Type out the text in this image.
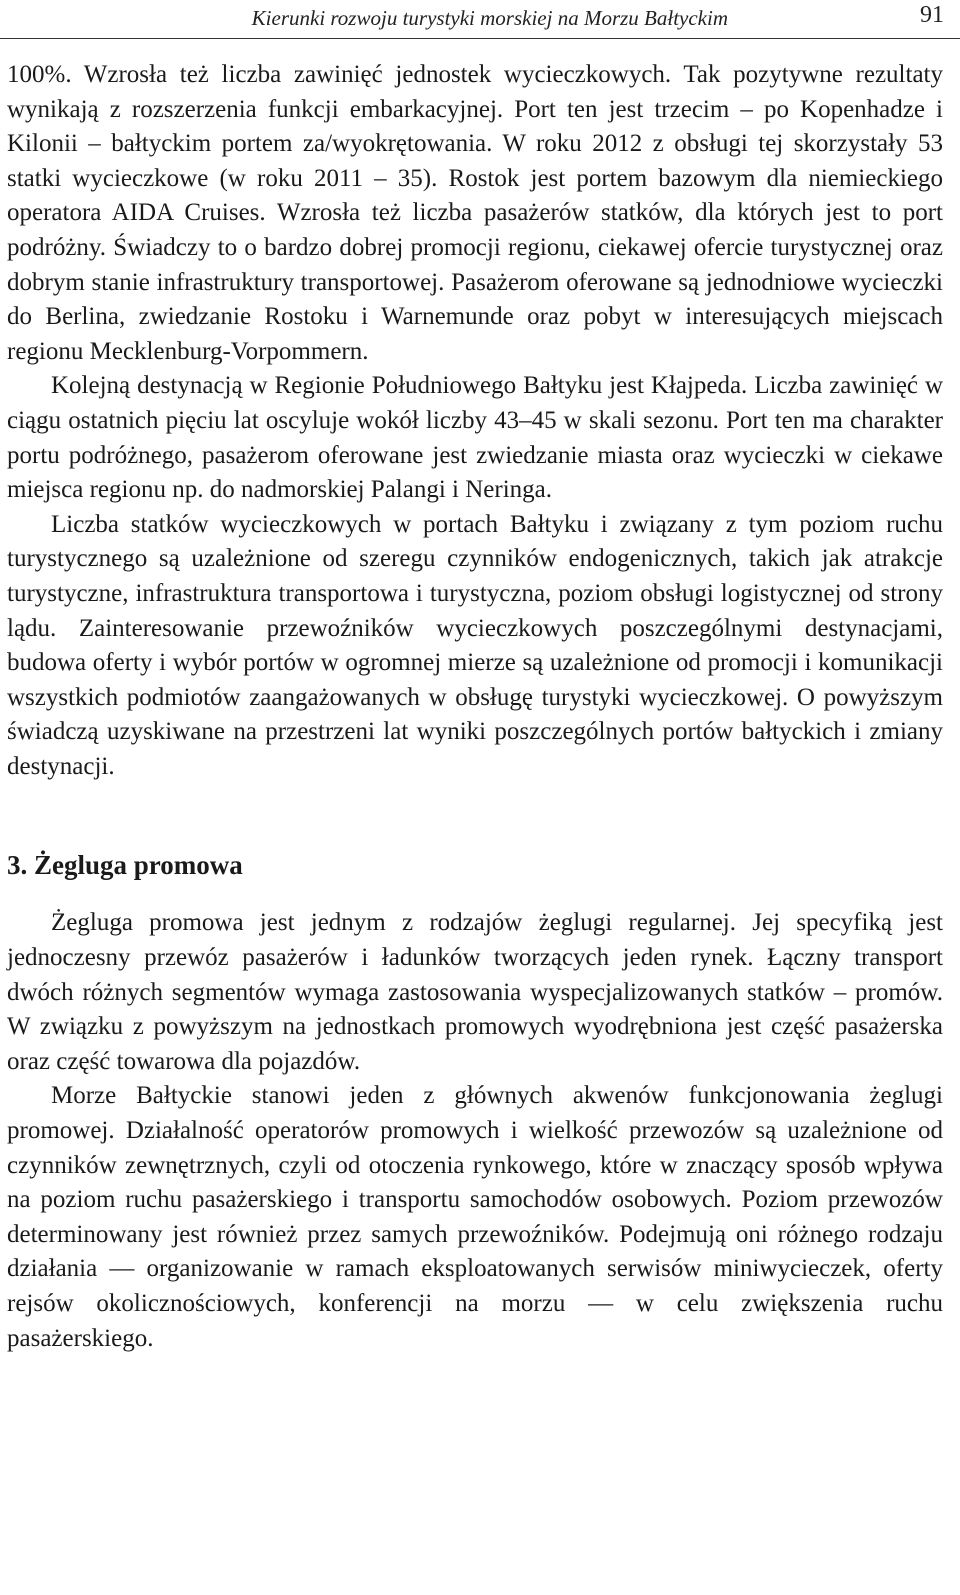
Kierunki rozwoju turystyki morskiej na Morzu Bałtyckim	91

100%. Wzrosła też liczba zawinięć jednostek wycieczkowych. Tak pozytywne rezultaty wynikają z rozszerzenia funkcji embarkacyjnej. Port ten jest trzecim – po Kopenhadze i Kilonii – bałtyckim portem za/wyokrętowania. W roku 2012 z obsługi tej skorzystały 53 statki wycieczkowe (w roku 2011 – 35). Rostok jest portem bazowym dla niemieckiego operatora AIDA Cruises. Wzrosła też liczba pasażerów statków, dla których jest to port podróżny. Świadczy to o bardzo dobrej promocji regionu, ciekawej ofercie turystycznej oraz dobrym stanie infrastruktury transportowej. Pasażerom oferowane są jednodniowe wycieczki do Berlina, zwiedzanie Rostoku i Warnemunde oraz pobyt w interesujących miejscach regionu Mecklenburg-Vorpommern.

Kolejną destynacją w Regionie Południowego Bałtyku jest Kłajpeda. Liczba zawinięć w ciągu ostatnich pięciu lat oscyluje wokół liczby 43–45 w skali sezonu. Port ten ma charakter portu podróżnego, pasażerom oferowane jest zwiedzanie miasta oraz wycieczki w ciekawe miejsca regionu np. do nadmorskiej Palangi i Neringa.

Liczba statków wycieczkowych w portach Bałtyku i związany z tym poziom ruchu turystycznego są uzależnione od szeregu czynników endogenicznych, takich jak atrakcje turystyczne, infrastruktura transportowa i turystyczna, poziom obsługi logistycznej od strony lądu. Zainteresowanie przewoźników wycieczkowych poszczególnymi destynacjami, budowa oferty i wybór portów w ogromnej mierze są uzależnione od promocji i komunikacji wszystkich podmiotów zaangażowanych w obsługę turystyki wycieczkowej. O powyższym świadczą uzyskiwane na przestrzeni lat wyniki poszczególnych portów bałtyckich i zmiany destynacji.

3. Żegluga promowa

Żegluga promowa jest jednym z rodzajów żeglugi regularnej. Jej specyfiką jest jednoczesny przewóz pasażerów i ładunków tworzących jeden rynek. Łączny transport dwóch różnych segmentów wymaga zastosowania wyspecjalizowanych statków – promów. W związku z powyższym na jednostkach promowych wyodrębniona jest część pasażerska oraz część towarowa dla pojazdów.

Morze Bałtyckie stanowi jeden z głównych akwenów funkcjonowania żeglugi promowej. Działalność operatorów promowych i wielkość przewozów są uzależnione od czynników zewnętrznych, czyli od otoczenia rynkowego, które w znaczący sposób wpływa na poziom ruchu pasażerskiego i transportu samochodów osobowych. Poziom przewozów determinowany jest również przez samych przewoźników. Podejmują oni różnego rodzaju działania — organizowanie w ramach eksploatowanych serwisów miniwycieczek, oferty rejsów okolicznościowych, konferencji na morzu — w celu zwiększenia ruchu pasażerskiego.
